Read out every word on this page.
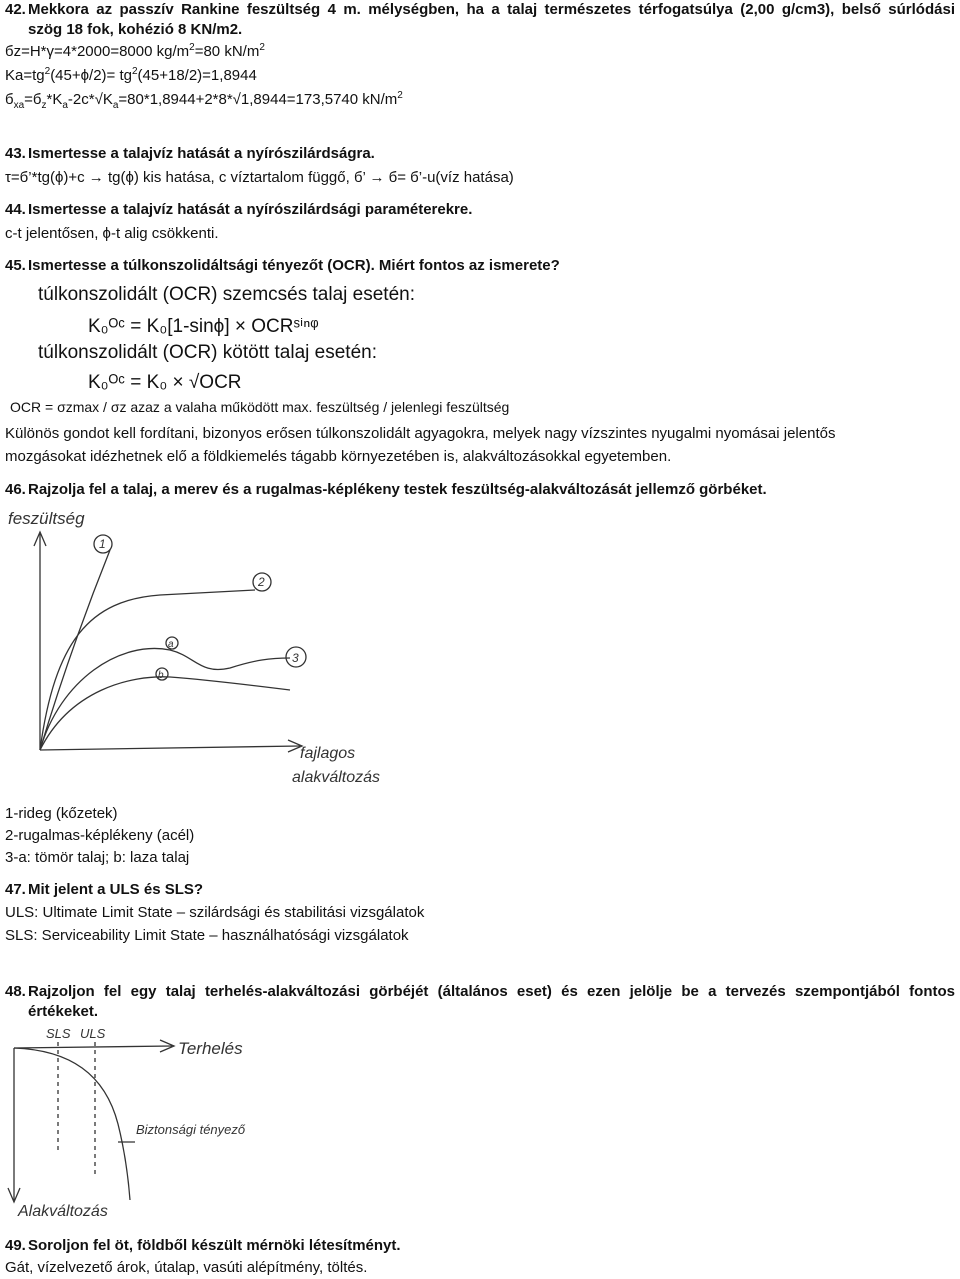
42. Mekkora az passzív Rankine feszültség 4 m. mélységben, ha a talaj természetes térfogatsúlya (2,00 g/cm3), belső súrlódási
szög 18 fok, kohézió 8 KN/m2.
бz=H*γ=4*2000=8000 $kg/m^2=80$ $kN/m^2$
$Ka=tg^2(45+\phi/2)= tg^2(45+18/2)=1,8944$
$б_{xa}=б_z*K_a-2c*√K_a=80*1,8944+2*8*√1,8944=173,5740$ $kN/m^2$
43. Ismertesse a talajvíz hatását a nyírószilárdságra.
τ=б’*tg(ϕ)+c → tg(ϕ) kis hatása, c víztartalom függő, б’ → б= б’-u(víz hatása)
44. Ismertesse a talajvíz hatását a nyírószilárdsági paraméterekre.
c-t jelentősen, ϕ-t alig csökkenti.
45. Ismertesse a túlkonszolidáltsági tényezőt (OCR). Miért fontos az ismerete?
túlkonszolidált (OCR) szemcsés talaj esetén:
K₀ᴼᶜ = K₀[1-sinϕ] × OCRˢⁱⁿᵠ
túlkonszolidált (OCR) kötött talaj esetén:
K₀ᴼᶜ = K₀ × √OCR
OCR = σzmax / σz azaz a valaha működött max. feszültség / jelenlegi feszültség
Különös gondot kell fordítani, bizonyos erősen túlkonszolidált agyagokra, melyek nagy vízszintes nyugalmi nyomásai jelentős
mozgásokat idézhetnek elő a földkiemelés tágabb környezetében is, alakváltozásokkal egyetemben.
46. Rajzolja fel a talaj, a merev és a rugalmas-képlékeny testek feszültség-alakváltozását jellemző görbéket.
1
2
3
a
b
feszültség
fajlagos
alakváltozás
1-rideg (kőzetek)
2-rugalmas-képlékeny (acél)
3-a: tömör talaj; b: laza talaj
47. Mit jelent a ULS és SLS?
ULS: Ultimate Limit State – szilárdsági és stabilitási vizsgálatok
SLS: Serviceability Limit State – használhatósági vizsgálatok
48. Rajzoljon fel egy talaj terhelés-alakváltozási görbéjét (általános eset) és ezen jelölje be a tervezés szempontjából fontos
értékeket.
SLS ULS
Terhelés
Biztonsági tényező
Alakváltozás
49. Soroljon fel öt, földből készült mérnöki létesítményt.
Gát, vízelvezető árok, útalap, vasúti alépítmény, töltés.
